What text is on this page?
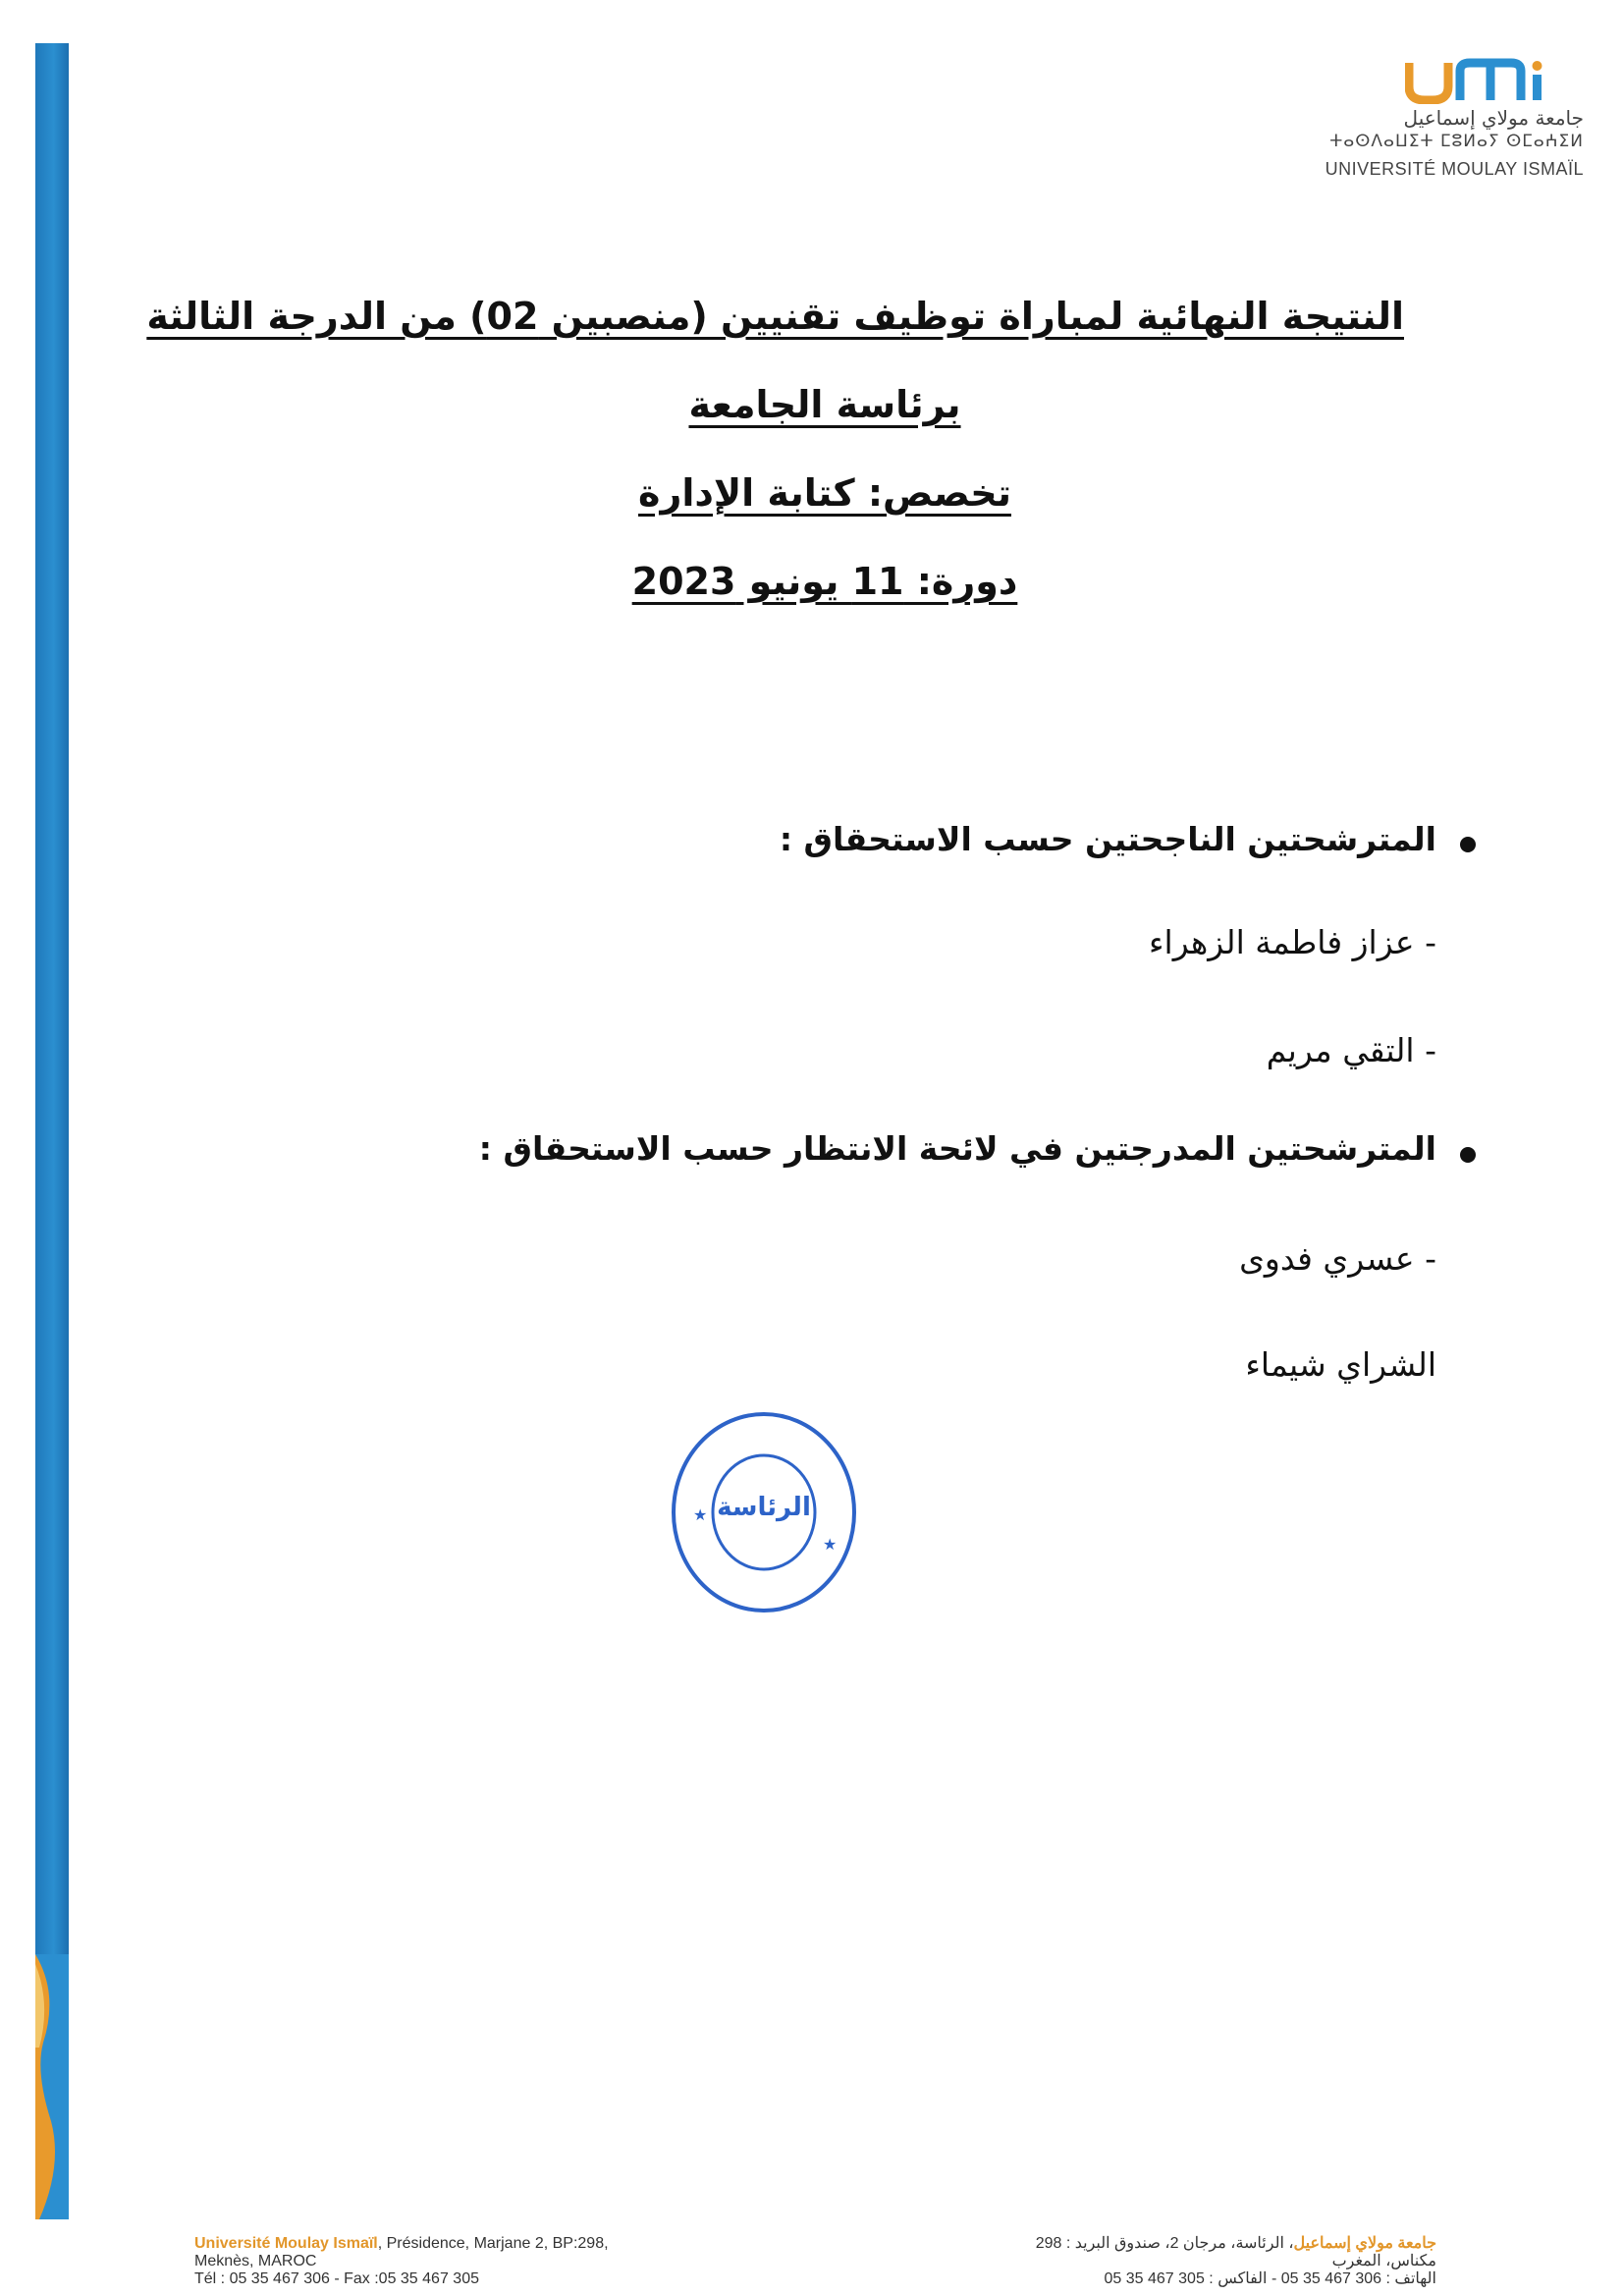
جامعة مولاي إسماعيل
ⵜⴰⵙⴷⴰⵡⵉⵜ ⵎⵓⵍⴰⵢ ⵙⵎⴰⵄⵉⵍ
UNIVERSITÉ MOULAY ISMAÏL
النتيجة النهائية لمباراة توظيف تقنيين (منصبين 02) من الدرجة الثالثة
برئاسة الجامعة
تخصص: كتابة الإدارة
دورة: 11 يونيو 2023
المترشحتين الناجحتين حسب الاستحقاق :
- عزاز فاطمة الزهراء
- التقي مريم
المترشحتين المدرجتين في لائحة الانتظار حسب الاستحقاق :
- عسري فدوى
الشراي شيماء
★
★
الرئاسة
Université Moulay Ismaïl, Présidence, Marjane 2, BP:298,
Meknès, MAROC
Tél : 05 35 467 306 - Fax :05 35 467 305
جامعة مولاي إسماعيل، الرئاسة، مرجان 2، صندوق البريد : 298
مكناس، المغرب
الهاتف : 306 467 35 05 - الفاكس : 305 467 35 05
